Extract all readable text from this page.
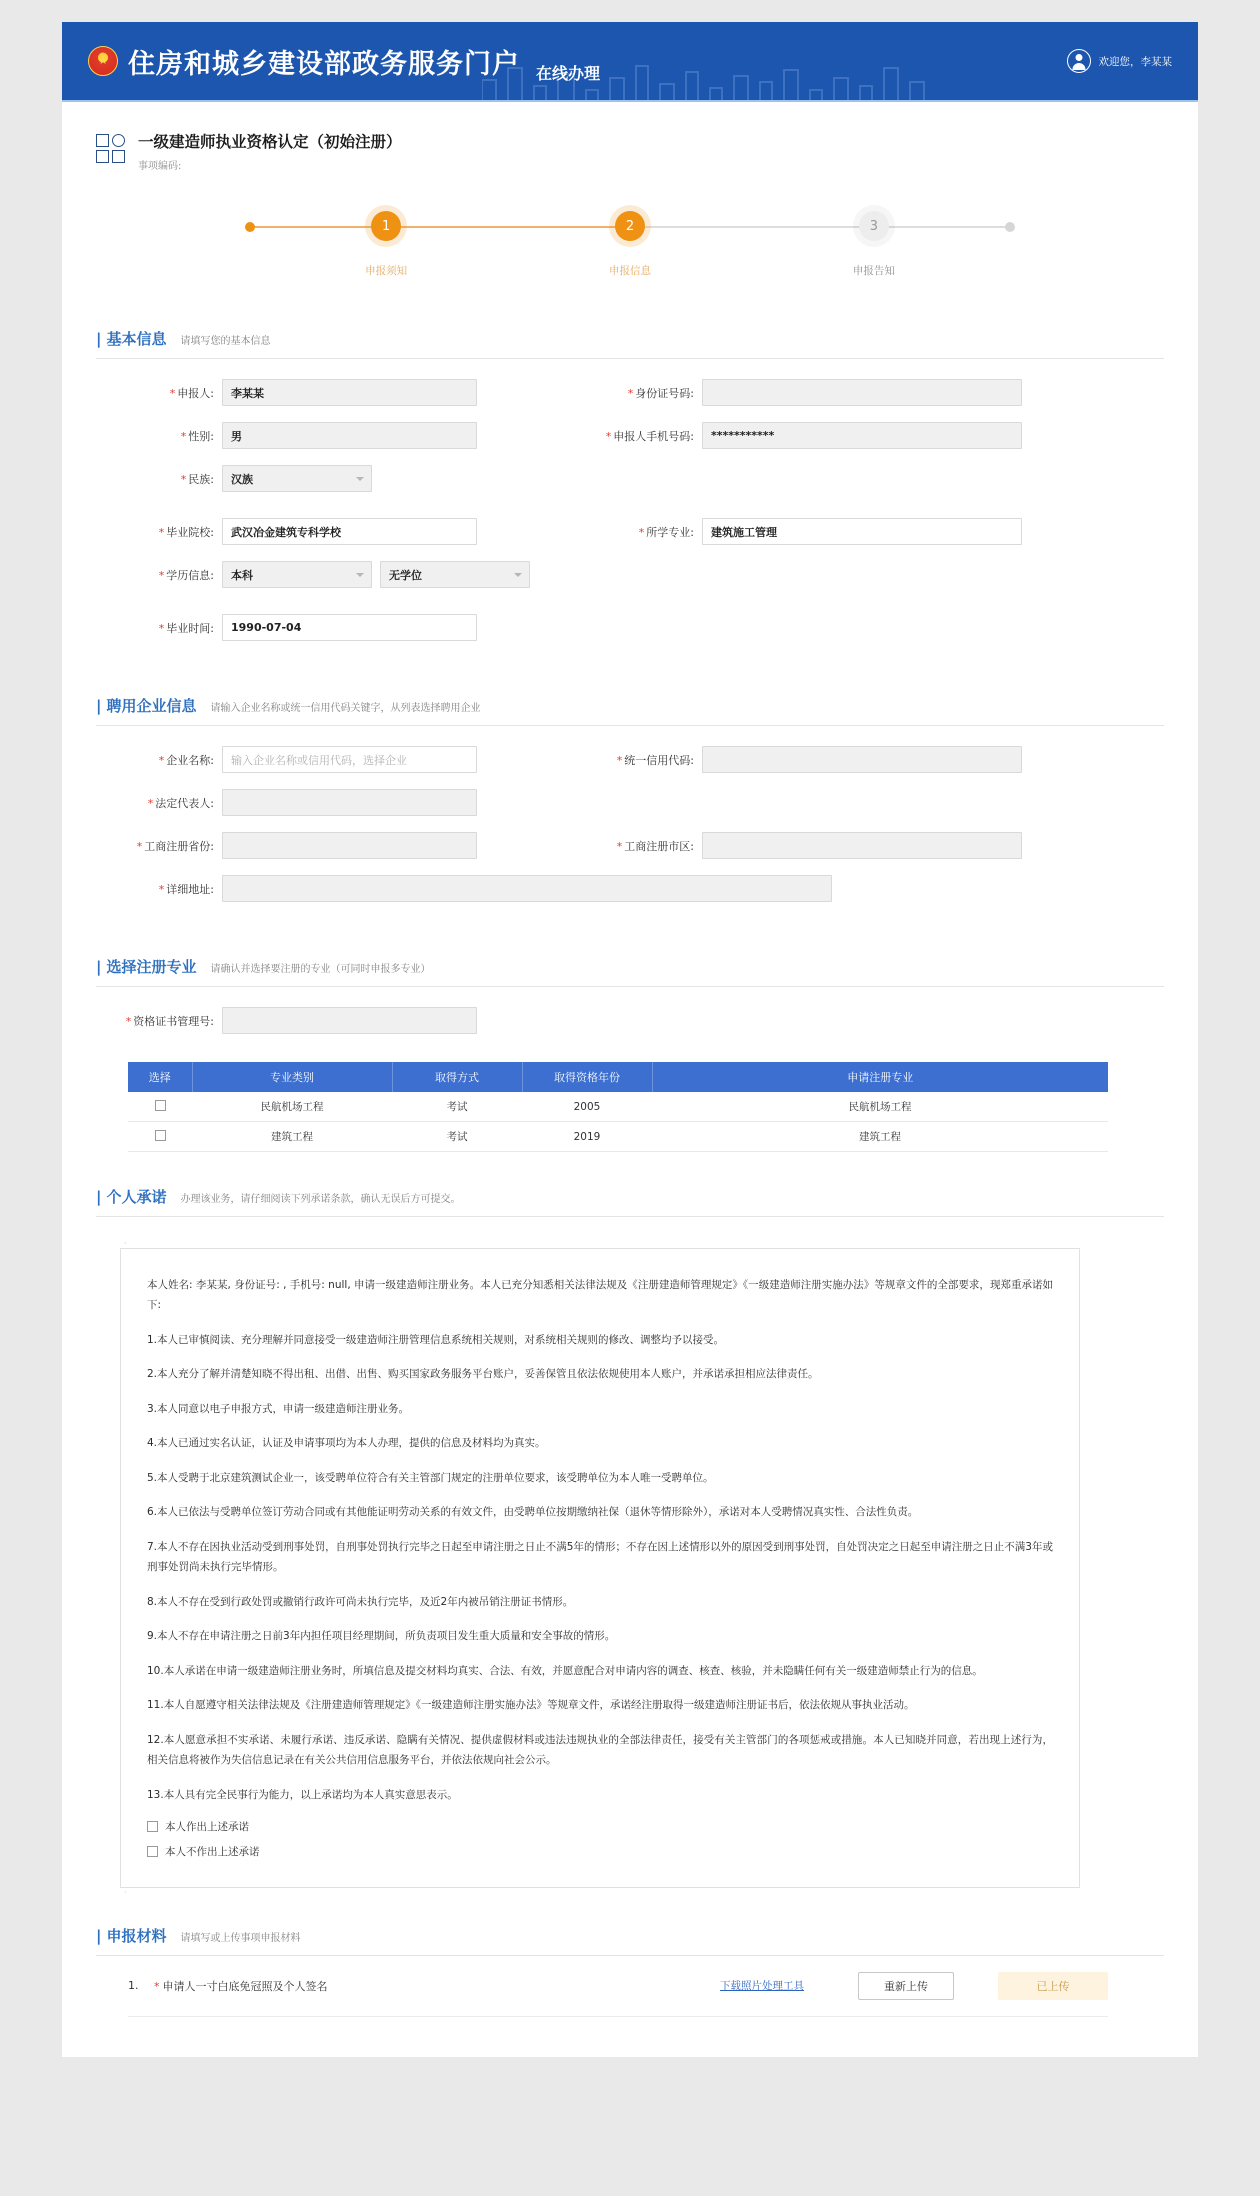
★
住房和城乡建设部政务服务门户 在线办理
欢迎您，李某某
一级建造师执业资格认定（初始注册）
事项编码:
1
申报须知
2
申报信息
3
申报告知
| 基本信息 请填写您的基本信息
* 申报人:	李某某	* 身份证号码:
* 性别:	男	* 申报人手机号码:	***********
* 民族:	汉族
* 毕业院校:	武汉冶金建筑专科学校	* 所学专业:	建筑施工管理
* 学历信息:	本科	无学位
* 毕业时间:	1990-07-04
| 聘用企业信息 请输入企业名称或统一信用代码关键字，从列表选择聘用企业
* 企业名称:	输入企业名称或信用代码，选择企业	* 统一信用代码:
* 法定代表人:
* 工商注册省份:	* 工商注册市区:
* 详细地址:
| 选择注册专业 请确认并选择要注册的专业（可同时申报多专业）
* 资格证书管理号:
选择	专业类别	取得方式	取得资格年份	申请注册专业
	民航机场工程	考试	2005	民航机场工程
	建筑工程	考试	2019	建筑工程
| 个人承诺 办理该业务，请仔细阅读下列承诺条款，确认无误后方可提交。
·

本人姓名: 李某某, 身份证号: , 手机号: null, 申请一级建造师注册业务。本人已充分知悉相关法律法规及《注册建造师管理规定》《一级建造师注册实施办法》等规章文件的全部要求，现郑重承诺如下:

1.本人已审慎阅读、充分理解并同意接受一级建造师注册管理信息系统相关规则，对系统相关规则的修改、调整均予以接受。

2.本人充分了解并清楚知晓不得出租、出借、出售、购买国家政务服务平台账户，妥善保管且依法依规使用本人账户，并承诺承担相应法律责任。

3.本人同意以电子申报方式，申请一级建造师注册业务。

4.本人已通过实名认证，认证及申请事项均为本人办理，提供的信息及材料均为真实。

5.本人受聘于北京建筑测试企业一，该受聘单位符合有关主管部门规定的注册单位要求，该受聘单位为本人唯一受聘单位。

6.本人已依法与受聘单位签订劳动合同或有其他能证明劳动关系的有效文件，由受聘单位按期缴纳社保（退休等情形除外），承诺对本人受聘情况真实性、合法性负责。

7.本人不存在因执业活动受到刑事处罚，自刑事处罚执行完毕之日起至申请注册之日止不满5年的情形；不存在因上述情形以外的原因受到刑事处罚，自处罚决定之日起至申请注册之日止不满3年或刑事处罚尚未执行完毕情形。

8.本人不存在受到行政处罚或撤销行政许可尚未执行完毕，及近2年内被吊销注册证书情形。

9.本人不存在申请注册之日前3年内担任项目经理期间，所负责项目发生重大质量和安全事故的情形。

10.本人承诺在申请一级建造师注册业务时，所填信息及提交材料均真实、合法、有效，并愿意配合对申请内容的调查、核查、核验，并未隐瞒任何有关一级建造师禁止行为的信息。

11.本人自愿遵守相关法律法规及《注册建造师管理规定》《一级建造师注册实施办法》等规章文件，承诺经注册取得一级建造师注册证书后，依法依规从事执业活动。

12.本人愿意承担不实承诺、未履行承诺、违反承诺、隐瞒有关情况、提供虚假材料或违法违规执业的全部法律责任，接受有关主管部门的各项惩戒或措施。本人已知晓并同意，若出现上述行为，相关信息将被作为失信信息记录在有关公共信用信息服务平台，并依法依规向社会公示。

13.本人具有完全民事行为能力，以上承诺均为本人真实意思表示。

本人作出上述承诺
本人不作出上述承诺
·
| 申报材料 请填写或上传事项申报材料
1.	* 申请人一寸白底免冠照及个人签名	下载照片处理工具	重新上传	已上传
